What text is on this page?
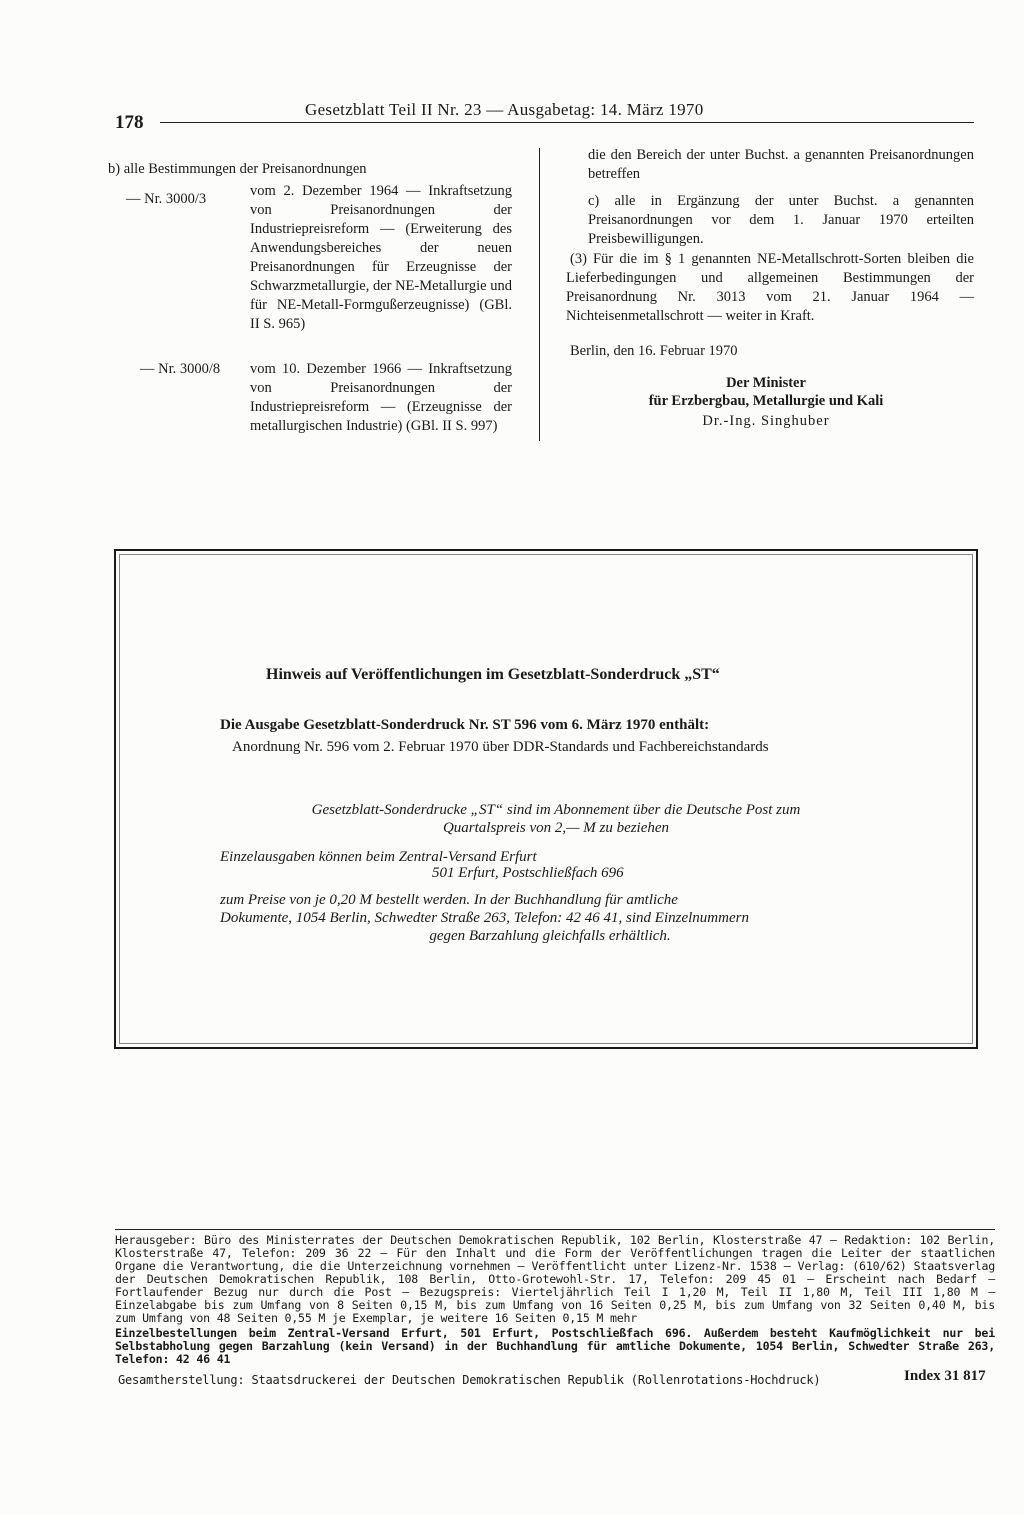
178
Gesetzblatt Teil II Nr. 23 — Ausgabetag: 14. März 1970
b) alle Bestimmungen der Preisanordnungen
— Nr. 3000/3	vom 2. Dezember 1964 — Inkraftsetzung von Preisanordnungen der Industriepreisreform — (Erweiterung des Anwendungsbereiches der neuen Preisanordnungen für Erzeugnisse der Schwarzmetallurgie, der NE-Metallurgie und für NE-Metall-Formgußerzeugnisse) (GBl. II S. 965)
— Nr. 3000/8 vom 10. Dezember 1966 — Inkraftsetzung von Preisanordnungen der Industriepreisreform — (Erzeugnisse der metallurgischen Industrie) (GBl. II S. 997)
die den Bereich der unter Buchst. a genannten Preisanordnungen betreffen
c) alle in Ergänzung der unter Buchst. a genannten Preisanordnungen vor dem 1. Januar 1970 erteilten Preisbewilligungen.
(3) Für die im § 1 genannten NE-Metallschrott-Sorten bleiben die Lieferbedingungen und allgemeinen Bestimmungen der Preisanordnung Nr. 3013 vom 21. Januar 1964 — Nichteisenmetallschrott — weiter in Kraft.
Berlin, den 16. Februar 1970
Der Minister
für Erzbergbau, Metallurgie und Kali
Dr.-Ing. Singhuber
Hinweis auf Veröffentlichungen im Gesetzblatt-Sonderdruck „ST“
Die Ausgabe Gesetzblatt-Sonderdruck Nr. ST 596 vom 6. März 1970 enthält:
Anordnung Nr. 596 vom 2. Februar 1970 über DDR-Standards und Fachbereichstandards
Gesetzblatt-Sonderdrucke „ST“ sind im Abonnement über die Deutsche Post zum
Quartalspreis von 2,— M zu beziehen
Einzelausgaben können beim Zentral-Versand Erfurt
501 Erfurt, Postschließfach 696
zum Preise von je 0,20 M bestellt werden. In der Buchhandlung für amtliche
Dokumente, 1054 Berlin, Schwedter Straße 263, Telefon: 42 46 41, sind Einzelnummern
gegen Barzahlung gleichfalls erhältlich.
Herausgeber: Büro des Ministerrates der Deutschen Demokratischen Republik, 102 Berlin, Klosterstraße 47 — Redaktion: 102 Berlin, Klosterstraße 47, Telefon: 209 36 22 — Für den Inhalt und die Form der Veröffentlichungen tragen die Leiter der staatlichen Organe die Verantwortung, die die Unterzeichnung vornehmen — Veröffentlicht unter Lizenz-Nr. 1538 — Verlag: (610/62) Staatsverlag der Deutschen Demokratischen Republik, 108 Berlin, Otto-Grotewohl-Str. 17, Telefon: 209 45 01 — Erscheint nach Bedarf — Fortlaufender Bezug nur durch die Post — Bezugspreis: Vierteljährlich Teil I 1,20 M, Teil II 1,80 M, Teil III 1,80 M — Einzelabgabe bis zum Umfang von 8 Seiten 0,15 M, bis zum Umfang von 16 Seiten 0,25 M, bis zum Umfang von 32 Seiten 0,40 M, bis zum Umfang von 48 Seiten 0,55 M je Exemplar, je weitere 16 Seiten 0,15 M mehr
Einzelbestellungen beim Zentral-Versand Erfurt, 501 Erfurt, Postschließfach 696. Außerdem besteht Kaufmöglichkeit nur bei Selbstabholung gegen Barzahlung (kein Versand) in der Buchhandlung für amtliche Dokumente, 1054 Berlin, Schwedter Straße 263, Telefon: 42 46 41
Gesamtherstellung: Staatsdruckerei der Deutschen Demokratischen Republik (Rollenrotations-Hochdruck)	Index 31 817
